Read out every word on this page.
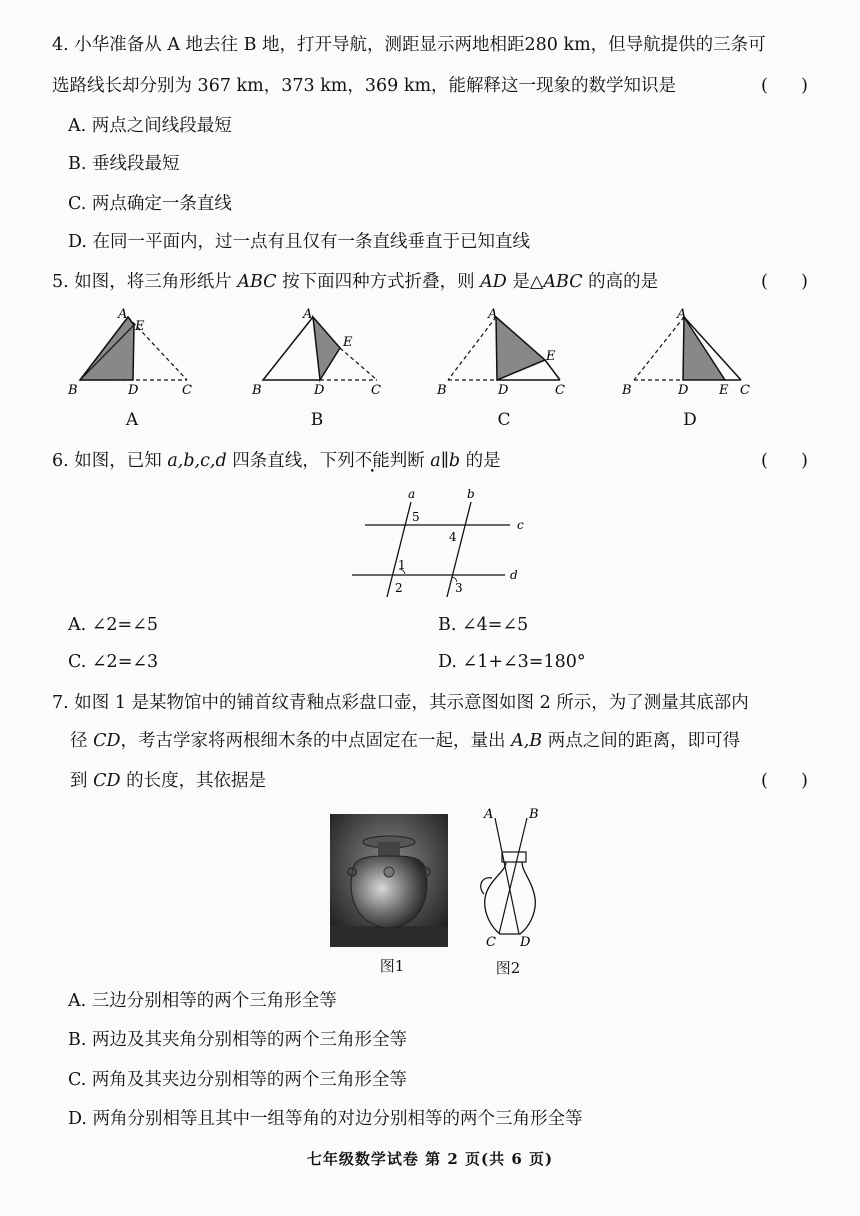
4. 小华准备从 A 地去往 B 地，打开导航，测距显示两地相距280 km，但导航提供的三条可
选路线长却分别为 367 km，373 km，369 km，能解释这一现象的数学知识是	(      )
A. 两点之间线段最短
B. 垂线段最短
C. 两点确定一条直线
D. 在同一平面内，过一点有且仅有一条直线垂直于已知直线
5. 如图，将三角形纸片 ABC 按下面四种方式折叠，则 AD 是△ABC 的高的是	(      )
A
E
B	D	C
A
E
B	D	C
A
E
B	D	C
A
B	D E C
A	B	C	D
6. 如图，已知 a,b,c,d 四条直线，下列不能判断 a∥b 的是	(      )
a	b
c
d
5
4
1
2	3
A. ∠2=∠5	B. ∠4=∠5
C. ∠2=∠3	D. ∠1+∠3=180°
7. 如图 1 是某物馆中的铺首纹青釉点彩盘口壶，其示意图如图 2 所示，为了测量其底部内
径 CD，考古学家将两根细木条的中点固定在一起，量出 A,B 两点之间的距离，即可得
到 CD 的长度，其依据是	(      )
A	B
C D
图1	图2
A. 三边分别相等的两个三角形全等
B. 两边及其夹角分别相等的两个三角形全等
C. 两角及其夹边分别相等的两个三角形全等
D. 两角分别相等且其中一组等角的对边分别相等的两个三角形全等
七年级数学试卷 第 2 页(共 6 页)
